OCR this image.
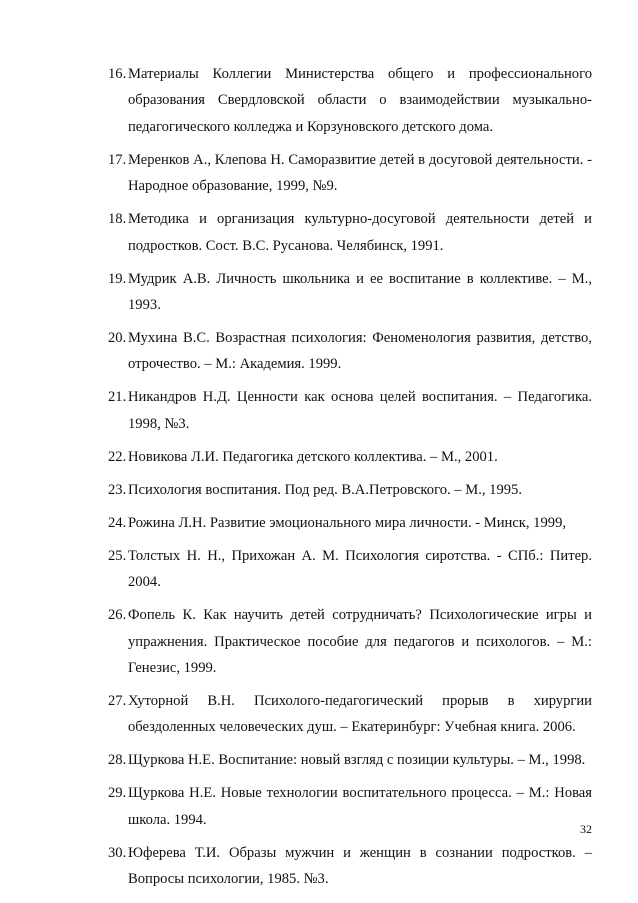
16. Материалы Коллегии Министерства общего и профессионального образования Свердловской области о взаимодействии музыкально-педагогического колледжа и Корзуновского детского дома.
17. Меренков А., Клепова Н. Саморазвитие детей в досуговой деятельности. - Народное образование, 1999, №9.
18. Методика и организация культурно-досуговой деятельности детей и подростков. Сост. В.С. Русанова. Челябинск, 1991.
19. Мудрик А.В. Личность школьника и ее воспитание в коллективе. – М., 1993.
20. Мухина В.С. Возрастная психология: Феноменология развития, детство, отрочество. – М.: Академия. 1999.
21. Никандров Н.Д. Ценности как основа целей воспитания. – Педагогика. 1998, №3.
22. Новикова Л.И. Педагогика детского коллектива. – М., 2001.
23. Психология воспитания. Под ред. В.А.Петровского. – М., 1995.
24. Рожина Л.Н. Развитие эмоционального мира личности. - Минск, 1999,
25. Толстых Н. Н., Прихожан А. М. Психология сиротства. - СПб.: Питер. 2004.
26. Фопель К. Как научить детей сотрудничать? Психологические игры и упражнения. Практическое пособие для педагогов и психологов. – М.: Генезис, 1999.
27. Хуторной В.Н. Психолого-педагогический прорыв в хирургии обездоленных человеческих душ. – Екатеринбург: Учебная книга. 2006.
28. Щуркова Н.Е. Воспитание: новый взгляд с позиции культуры. – М., 1998.
29. Щуркова Н.Е. Новые технологии воспитательного процесса. – М.: Новая школа. 1994.
30. Юферева Т.И. Образы мужчин и женщин в сознании подростков. – Вопросы психологии, 1985. №3.
32
